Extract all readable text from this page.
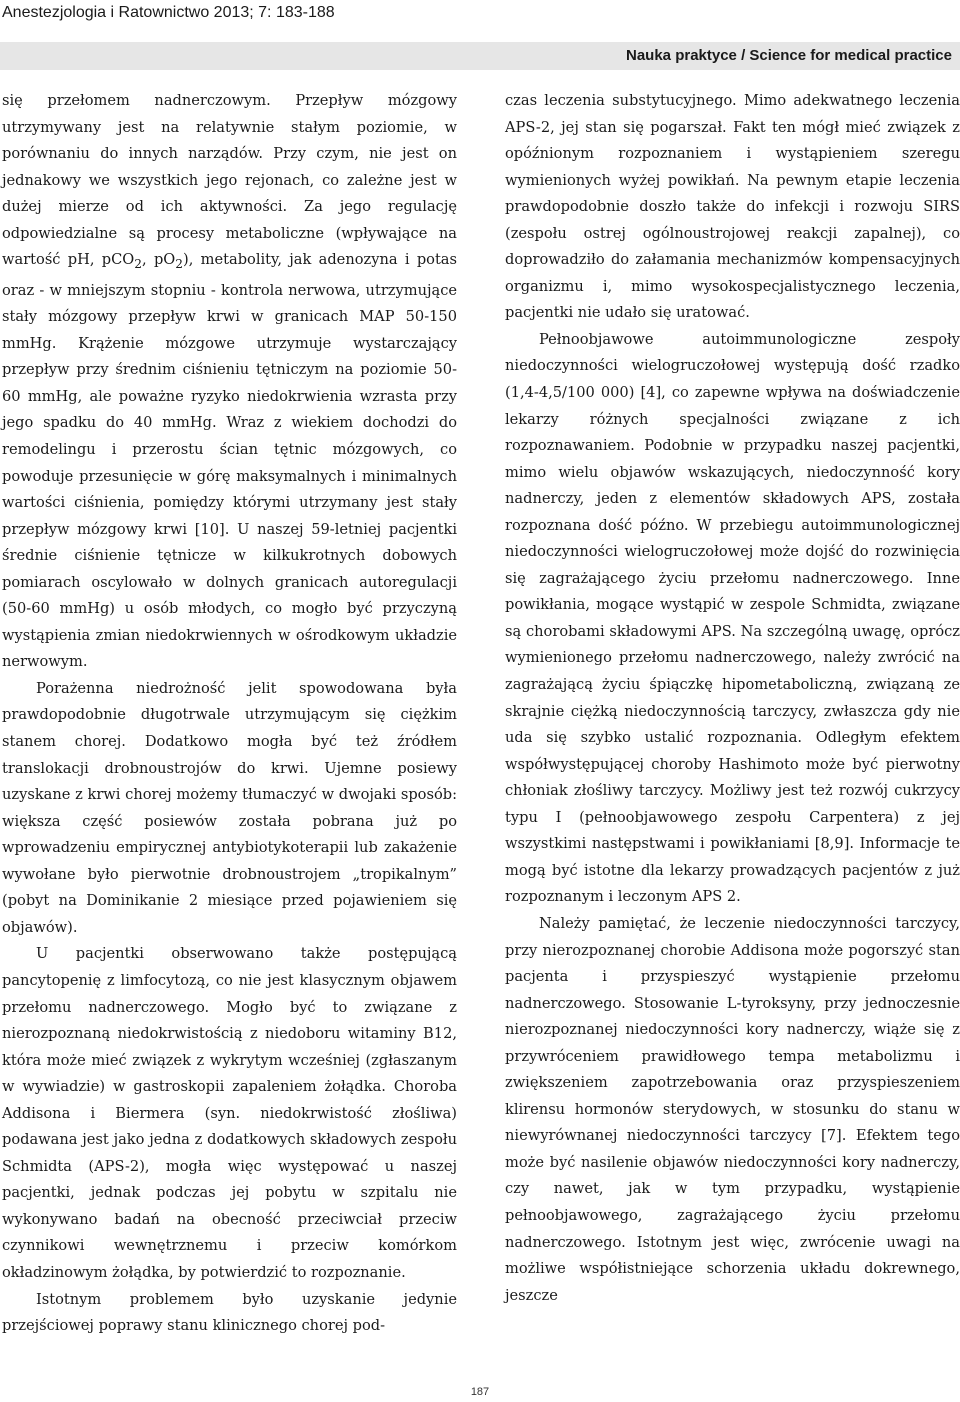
Anestezjologia i Ratownictwo 2013; 7: 183-188
Nauka praktyce / Science for medical practice

się przełomem nadnerczowym. Przepływ mózgowy utrzymywany jest na relatywnie stałym poziomie, w porównaniu do innych narządów. Przy czym, nie jest on jednakowy we wszystkich jego rejonach, co zależne jest w dużej mierze od ich aktywności. Za jego regulację odpowiedzialne są procesy metaboliczne (wpływające na wartość pH, pCO$_2$, $pO_2$), metabolity, jak adenozyna i potas oraz - w mniejszym stopniu - kontrola nerwowa, utrzymujące stały mózgowy przepływ krwi w granicach MAP 50-150 mmHg. Krążenie mózgowe utrzymuje wystarczający przepływ przy średnim ciśnieniu tętniczym na poziomie 50-60 mmHg, ale poważne ryzyko niedokrwienia wzrasta przy jego spadku do 40 mmHg. Wraz z wiekiem dochodzi do remodelingu i przerostu ścian tętnic mózgowych, co powoduje przesunięcie w górę maksymalnych i minimalnych wartości ciśnienia, pomiędzy którymi utrzymany jest stały przepływ mózgowy krwi [10]. U naszej 59-letniej pacjentki średnie ciśnienie tętnicze w kilkukrotnych dobowych pomiarach oscylowało w dolnych granicach autoregulacji (50-60 mmHg) u osób młodych, co mogło być przyczyną wystąpienia zmian niedokrwiennych w ośrodkowym układzie nerwowym.

Porażenna niedrożność jelit spowodowana była prawdopodobnie długotrwale utrzymującym się ciężkim stanem chorej. Dodatkowo mogła być też źródłem translokacji drobnoustrojów do krwi. Ujemne posiewy uzyskane z krwi chorej możemy tłumaczyć w dwojaki sposób: większa część posiewów została pobrana już po wprowadzeniu empirycznej antybiotykoterapii lub zakażenie wywołane było pierwotnie drobnoustrojem „tropikalnym” (pobyt na Dominikanie 2 miesiące przed pojawieniem się objawów).

U pacjentki obserwowano także postępującą pancytopenię z limfocytozą, co nie jest klasycznym objawem przełomu nadnerczowego. Mogło być to związane z nierozpoznaną niedokrwistością z niedoboru witaminy B12, która może mieć związek z wykrytym wcześniej (zgłaszanym w wywiadzie) w gastroskopii zapaleniem żołądka. Choroba Addisona i Biermera (syn. niedokrwistość złośliwa) podawana jest jako jedna z dodatkowych składowych zespołu Schmidta (APS-2), mogła więc występować u naszej pacjentki, jednak podczas jej pobytu w szpitalu nie wykonywano badań na obecność przeciwciał przeciw czynnikowi wewnętrznemu i przeciw komórkom okładzinowym żołądka, by potwierdzić to rozpoznanie.

Istotnym problemem było uzyskanie jedynie przejściowej poprawy stanu klinicznego chorej pod-

czas leczenia substytucyjnego. Mimo adekwatnego leczenia APS-2, jej stan się pogarszał. Fakt ten mógł mieć związek z opóźnionym rozpoznaniem i wystąpieniem szeregu wymienionych wyżej powikłań. Na pewnym etapie leczenia prawdopodobnie doszło także do infekcji i rozwoju SIRS (zespołu ostrej ogólnoustrojowej reakcji zapalnej), co doprowadziło do załamania mechanizmów kompensacyjnych organizmu i, mimo wysokospecjalistycznego leczenia, pacjentki nie udało się uratować.

Pełnoobjawowe autoimmunologiczne zespoły niedoczynności wielogruczołowej występują dość rzadko (1,4-4,5/100 000) [4], co zapewne wpływa na doświadczenie lekarzy różnych specjalności związane z ich rozpoznawaniem. Podobnie w przypadku naszej pacjentki, mimo wielu objawów wskazujących, niedoczynność kory nadnerczy, jeden z elementów składowych APS, została rozpoznana dość późno. W przebiegu autoimmunologicznej niedoczynności wielogruczołowej może dojść do rozwinięcia się zagrażającego życiu przełomu nadnerczowego. Inne powikłania, mogące wystąpić w zespole Schmidta, związane są chorobami składowymi APS. Na szczególną uwagę, oprócz wymienionego przełomu nadnerczowego, należy zwrócić na zagrażającą życiu śpiączkę hipometaboliczną, związaną ze skrajnie ciężką niedoczynnością tarczycy, zwłaszcza gdy nie uda się szybko ustalić rozpoznania. Odległym efektem współwystępującej choroby Hashimoto może być pierwotny chłoniak złośliwy tarczycy. Możliwy jest też rozwój cukrzycy typu I (pełnoobjawowego zespołu Carpentera) z jej wszystkimi następstwami i powikłaniami [8,9]. Informacje te mogą być istotne dla lekarzy prowadzących pacjentów z już rozpoznanym i leczonym APS 2.

Należy pamiętać, że leczenie niedoczynności tarczycy, przy nierozpoznanej chorobie Addisona może pogorszyć stan pacjenta i przyspieszyć wystąpienie przełomu nadnerczowego. Stosowanie L-tyroksyny, przy jednoczesnie nierozpoznanej niedoczynności kory nadnerczy, wiąże się z przywróceniem prawidłowego tempa metabolizmu i zwiększeniem zapotrzebowania oraz przyspieszeniem klirensu hormonów sterydowych, w stosunku do stanu w niewyrównanej niedoczynności tarczycy [7]. Efektem tego może być nasilenie objawów niedoczynności kory nadnerczy, czy nawet, jak w tym przypadku, wystąpienie pełnoobjawowego, zagrażającego życiu przełomu nadnerczowego. Istotnym jest więc, zwrócenie uwagi na możliwe współistniejące schorzenia układu dokrewnego, jeszcze

187
